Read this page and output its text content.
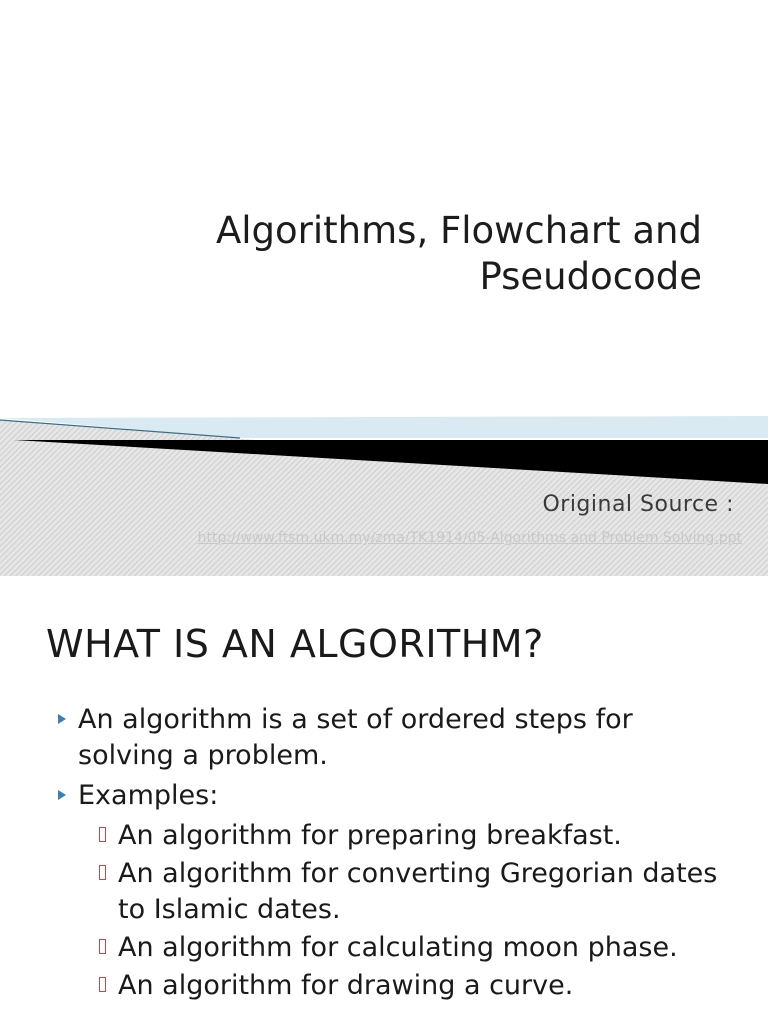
Algorithms, Flowchart and
Pseudocode
Original Source :
http://www.ftsm.ukm.my/zma/TK1914/05-Algorithms and Problem Solving.ppt
WHAT IS AN ALGORITHM?
An algorithm is a set of ordered steps for solving a problem.
Examples:
An algorithm for preparing breakfast.
An algorithm for converting Gregorian dates to Islamic dates.
An algorithm for calculating moon phase.
An algorithm for drawing a curve.
